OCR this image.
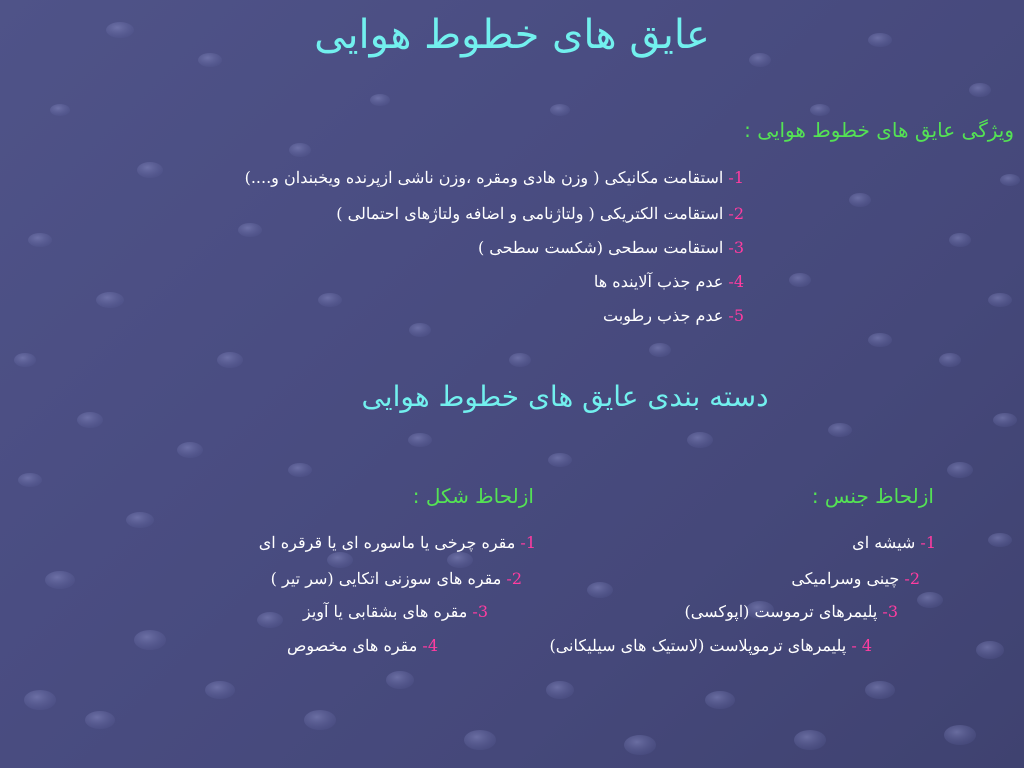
عایق های خطوط هوایی
ویژگی عایق های خطوط هوایی :
1- استقامت مکانیکی ( وزن هادی ومقره ،وزن ناشی ازپرنده ویخبندان و....)
2- استقامت الکتریکی ( ولتاژنامی و اضافه ولتاژهای احتمالی )
3- استقامت سطحی (شکست سطحی )
4- عدم جذب آلاینده ها
5- عدم جذب رطوبت
دسته بندی عایق های خطوط هوایی
ازلحاظ جنس :
ازلحاظ شکل :
1- شیشه ای
2- چینی وسرامیکی
3- پلیمرهای ترموست (اپوکسی)
4 - پلیمرهای ترموپلاست (لاستیک های سیلیکانی)
1- مقره چرخی یا ماسوره ای یا قرقره ای
2- مقره های سوزنی اتکایی (سر تیر )
3- مقره های بشقابی یا آویز
4- مقره های مخصوص
